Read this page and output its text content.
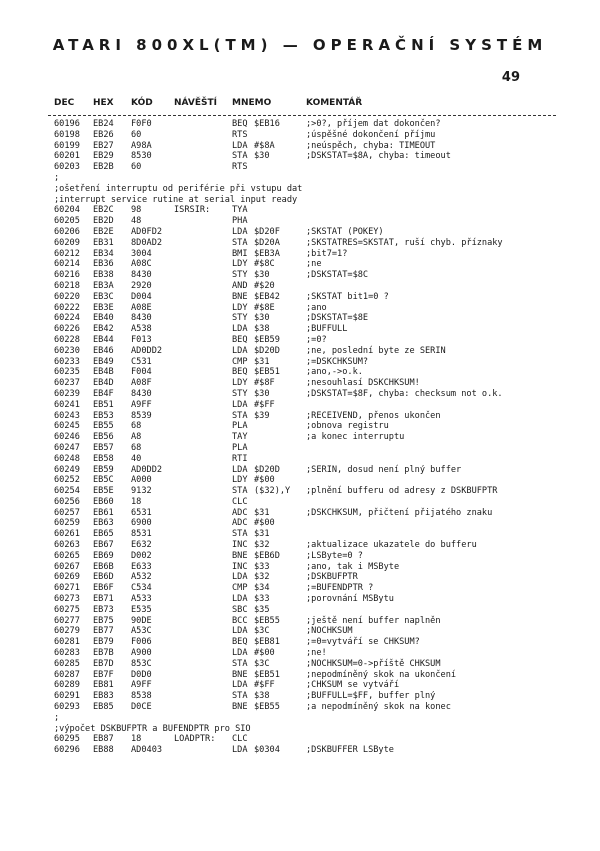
ATARI 800XL(TM) — OPERAČNÍ SYSTÉM
49
DEC HEX KÓD NÁVĚŠTÍ MNEMO	KOMENTÁŘ
60196 EB24 F0F0	BEQ $EB16	;>0?, příjem dat dokončen?
60198 EB26 60	RTS	;úspěšné dokončení příjmu
60199 EB27 A98A	LDA #$8A	;neúspěch, chyba: TIMEOUT
60201 EB29 8530	STA $30	;DSKSTAT=$8A, chyba: timeout
60203 EB2B 60	RTS
;
;ošetření interruptu od periférie při vstupu dat
;interrupt service rutine at serial input ready
60204 EB2C 98	ISRSIR:	TYA
60205 EB2D 48	PHA
60206 EB2E AD0FD2	LDA $D20F	;SKSTAT (POKEY)
60209 EB31 8D0AD2	STA $D20A	;SKSTATRES=SKSTAT, ruší chyb. příznaky
60212 EB34 3004	BMI $EB3A	;bit7=1?
60214 EB36 A08C	LDY #$8C	;ne
60216 EB38 8430	STY $30	;DSKSTAT=$8C
60218 EB3A 2920	AND #$20
60220 EB3C D004	BNE $EB42	;SKSTAT bit1=0 ?
60222 EB3E A08E	LDY #$8E	;ano
60224 EB40 8430	STY $30	;DSKSTAT=$8E
60226 EB42 A538	LDA $38	;BUFFULL
60228 EB44 F013	BEQ $EB59	;=0?
60230 EB46 AD0DD2	LDA $D20D	;ne, poslední byte ze SERIN
60233 EB49 C531	CMP $31	;=DSKCHKSUM?
60235 EB4B F004	BEQ $EB51	;ano,->o.k.
60237 EB4D A08F	LDY #$8F	;nesouhlasí DSKCHKSUM!
60239 EB4F 8430	STY $30	;DSKSTAT=$8F, chyba: checksum not o.k.
60241 EB51 A9FF	LDA #$FF
60243 EB53 8539	STA $39	;RECEIVEND, přenos ukončen
60245 EB55 68	PLA	;obnova registru
60246 EB56 A8	TAY	;a konec interruptu
60247 EB57 68	PLA
60248 EB58 40	RTI
60249 EB59 AD0DD2	LDA $D20D	;SERIN, dosud není plný buffer
60252 EB5C A000	LDY #$00
60254 EB5E 9132	STA ($32),Y ;plnění bufferu od adresy z DSKBUFPTR
60256 EB60 18	CLC
60257 EB61 6531	ADC $31	;DSKCHKSUM, přičtení přijatého znaku
60259 EB63 6900	ADC #$00
60261 EB65 8531	STA $31
60263 EB67 E632	INC $32	;aktualizace ukazatele do bufferu
60265 EB69 D002	BNE $EB6D	;LSByte=0 ?
60267 EB6B E633	INC $33	;ano, tak i MSByte
60269 EB6D A532	LDA $32	;DSKBUFPTR
60271 EB6F C534	CMP $34	;=BUFENDPTR ?
60273 EB71 A533	LDA $33	;porovnání MSBytu
60275 EB73 E535	SBC $35
60277 EB75 90DE	BCC $EB55	;ještě není buffer naplněn
60279 EB77 A53C	LDA $3C	;NOCHKSUM
60281 EB79 F006	BEQ $EB81	;=0=vytváří se CHKSUM?
60283 EB7B A900	LDA #$00	;ne!
60285 EB7D 853C	STA $3C	;NOCHKSUM=0->příště CHKSUM
60287 EB7F D0D0	BNE $EB51	;nepodmíněný skok na ukončení
60289 EB81 A9FF	LDA #$FF	;CHKSUM se vytváří
60291 EB83 8538	STA $38	;BUFFULL=$FF, buffer plný
60293 EB85 D0CE	BNE $EB55	;a nepodmíněný skok na konec
;
;výpočet DSKBUFPTR a BUFENDPTR pro SIO
60295 EB87 18	LOADPTR: CLC
60296 EB88 AD0403	LDA $0304	;DSKBUFFER LSByte
